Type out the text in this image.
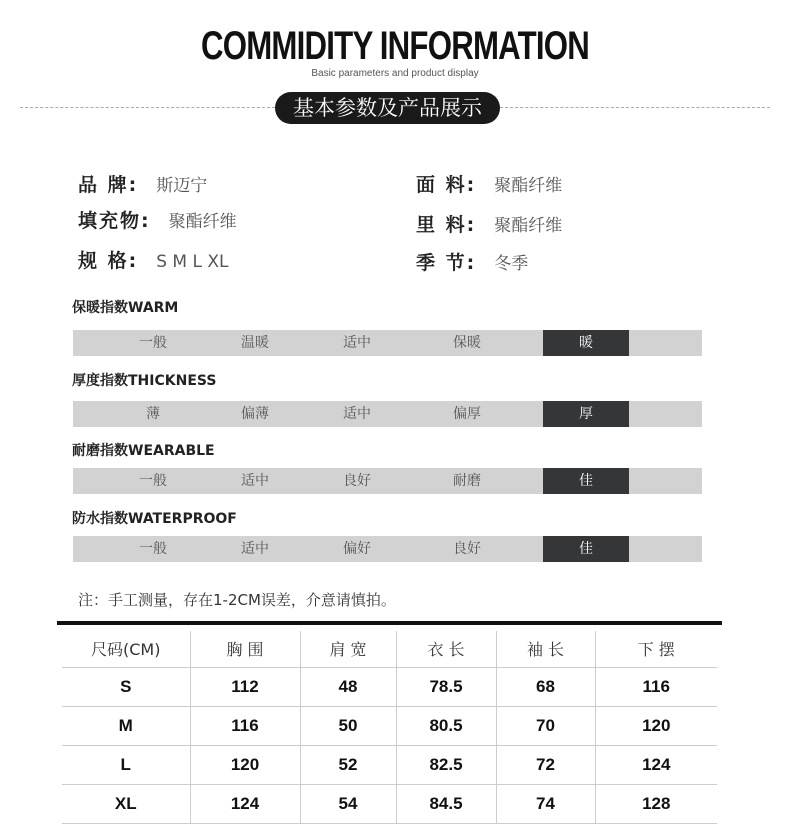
COMMIDITY INFORMATION
Basic parameters and product display
基本参数及产品展示
品 牌: 斯迈宁	面 料: 聚酯纤维
填充物: 聚酯纤维	里 料: 聚酯纤维
规 格: S M L XL	季 节: 冬季
保暖指数WARM
一般	温暖	适中	保暖	暖
厚度指数THICKNESS
薄	偏薄	适中	偏厚	厚
耐磨指数WEARABLE
一般	适中	良好	耐磨	佳
防水指数WATERPROOF
一般	适中	偏好	良好	佳
注：手工测量，存在1-2CM误差，介意请慎拍。
尺码(CM)	胸 围	肩 宽	衣 长	袖 长	下 摆
S	112	48	78.5	68	116
M	116	50	80.5	70	120
L	120	52	82.5	72	124
XL	124	54	84.5	74	128
